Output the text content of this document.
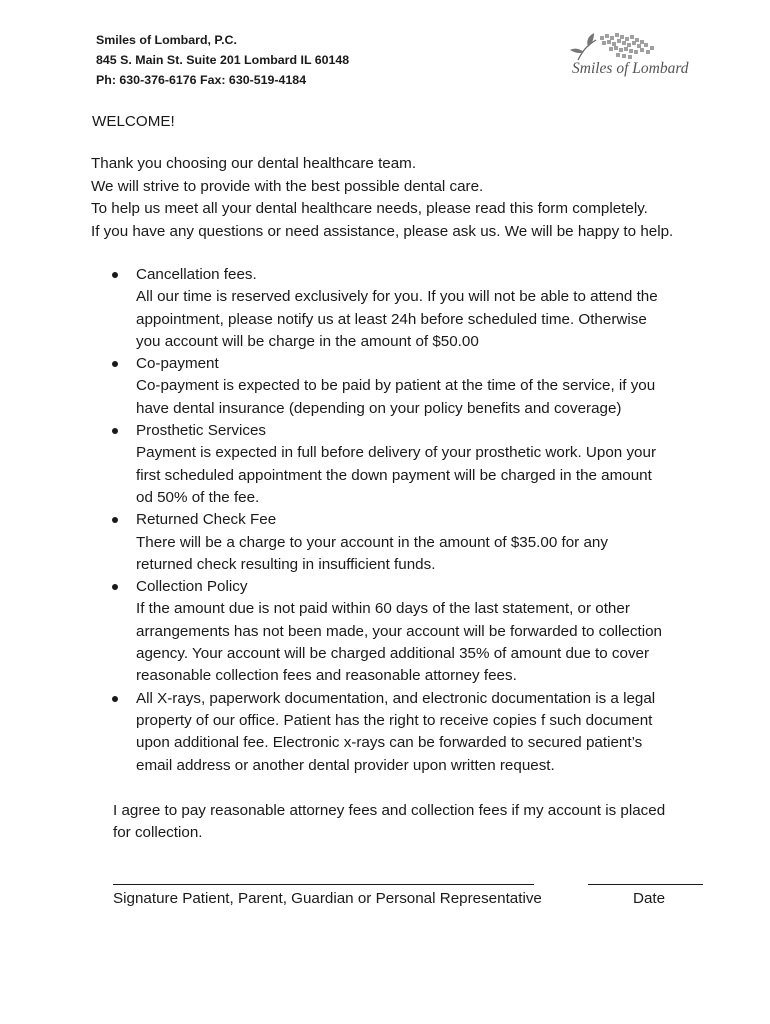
Smiles of Lombard, P.C.
845 S. Main St. Suite 201 Lombard IL 60148
Ph: 630-376-6176 Fax: 630-519-4184
Smiles of Lombard
WELCOME!
Thank you choosing our dental healthcare team.
We will strive to provide with the best possible dental care.
To help us meet all your dental healthcare needs, please read this form completely.
If you have any questions or need assistance, please ask us. We will be happy to help.
Cancellation fees.
All our time is reserved exclusively for you. If you will not be able to attend the
appointment, please notify us at least 24h before scheduled time. Otherwise
you account will be charge in the amount of $50.00
Co-payment
Co-payment is expected to be paid by patient at the time of the service, if you
have dental insurance (depending on your policy benefits and coverage)
Prosthetic Services
Payment is expected in full before delivery of your prosthetic work. Upon your
first scheduled appointment the down payment will be charged in the amount
od 50% of the fee.
Returned Check Fee
There will be a charge to your account in the amount of $35.00 for any
returned check resulting in insufficient funds.
Collection Policy
If the amount due is not paid within 60 days of the last statement, or other
arrangements has not been made, your account will be forwarded to collection
agency. Your account will be charged additional 35% of amount due to cover
reasonable collection fees and reasonable attorney fees.
All X-rays, paperwork documentation, and electronic documentation is a legal
property of our office. Patient has the right to receive copies f such document
upon additional fee. Electronic x-rays can be forwarded to secured patient’s
email address or another dental provider upon written request.
I agree to pay reasonable attorney fees and collection fees if my account is placed
for collection.
Signature Patient, Parent, Guardian or Personal Representative	Date
